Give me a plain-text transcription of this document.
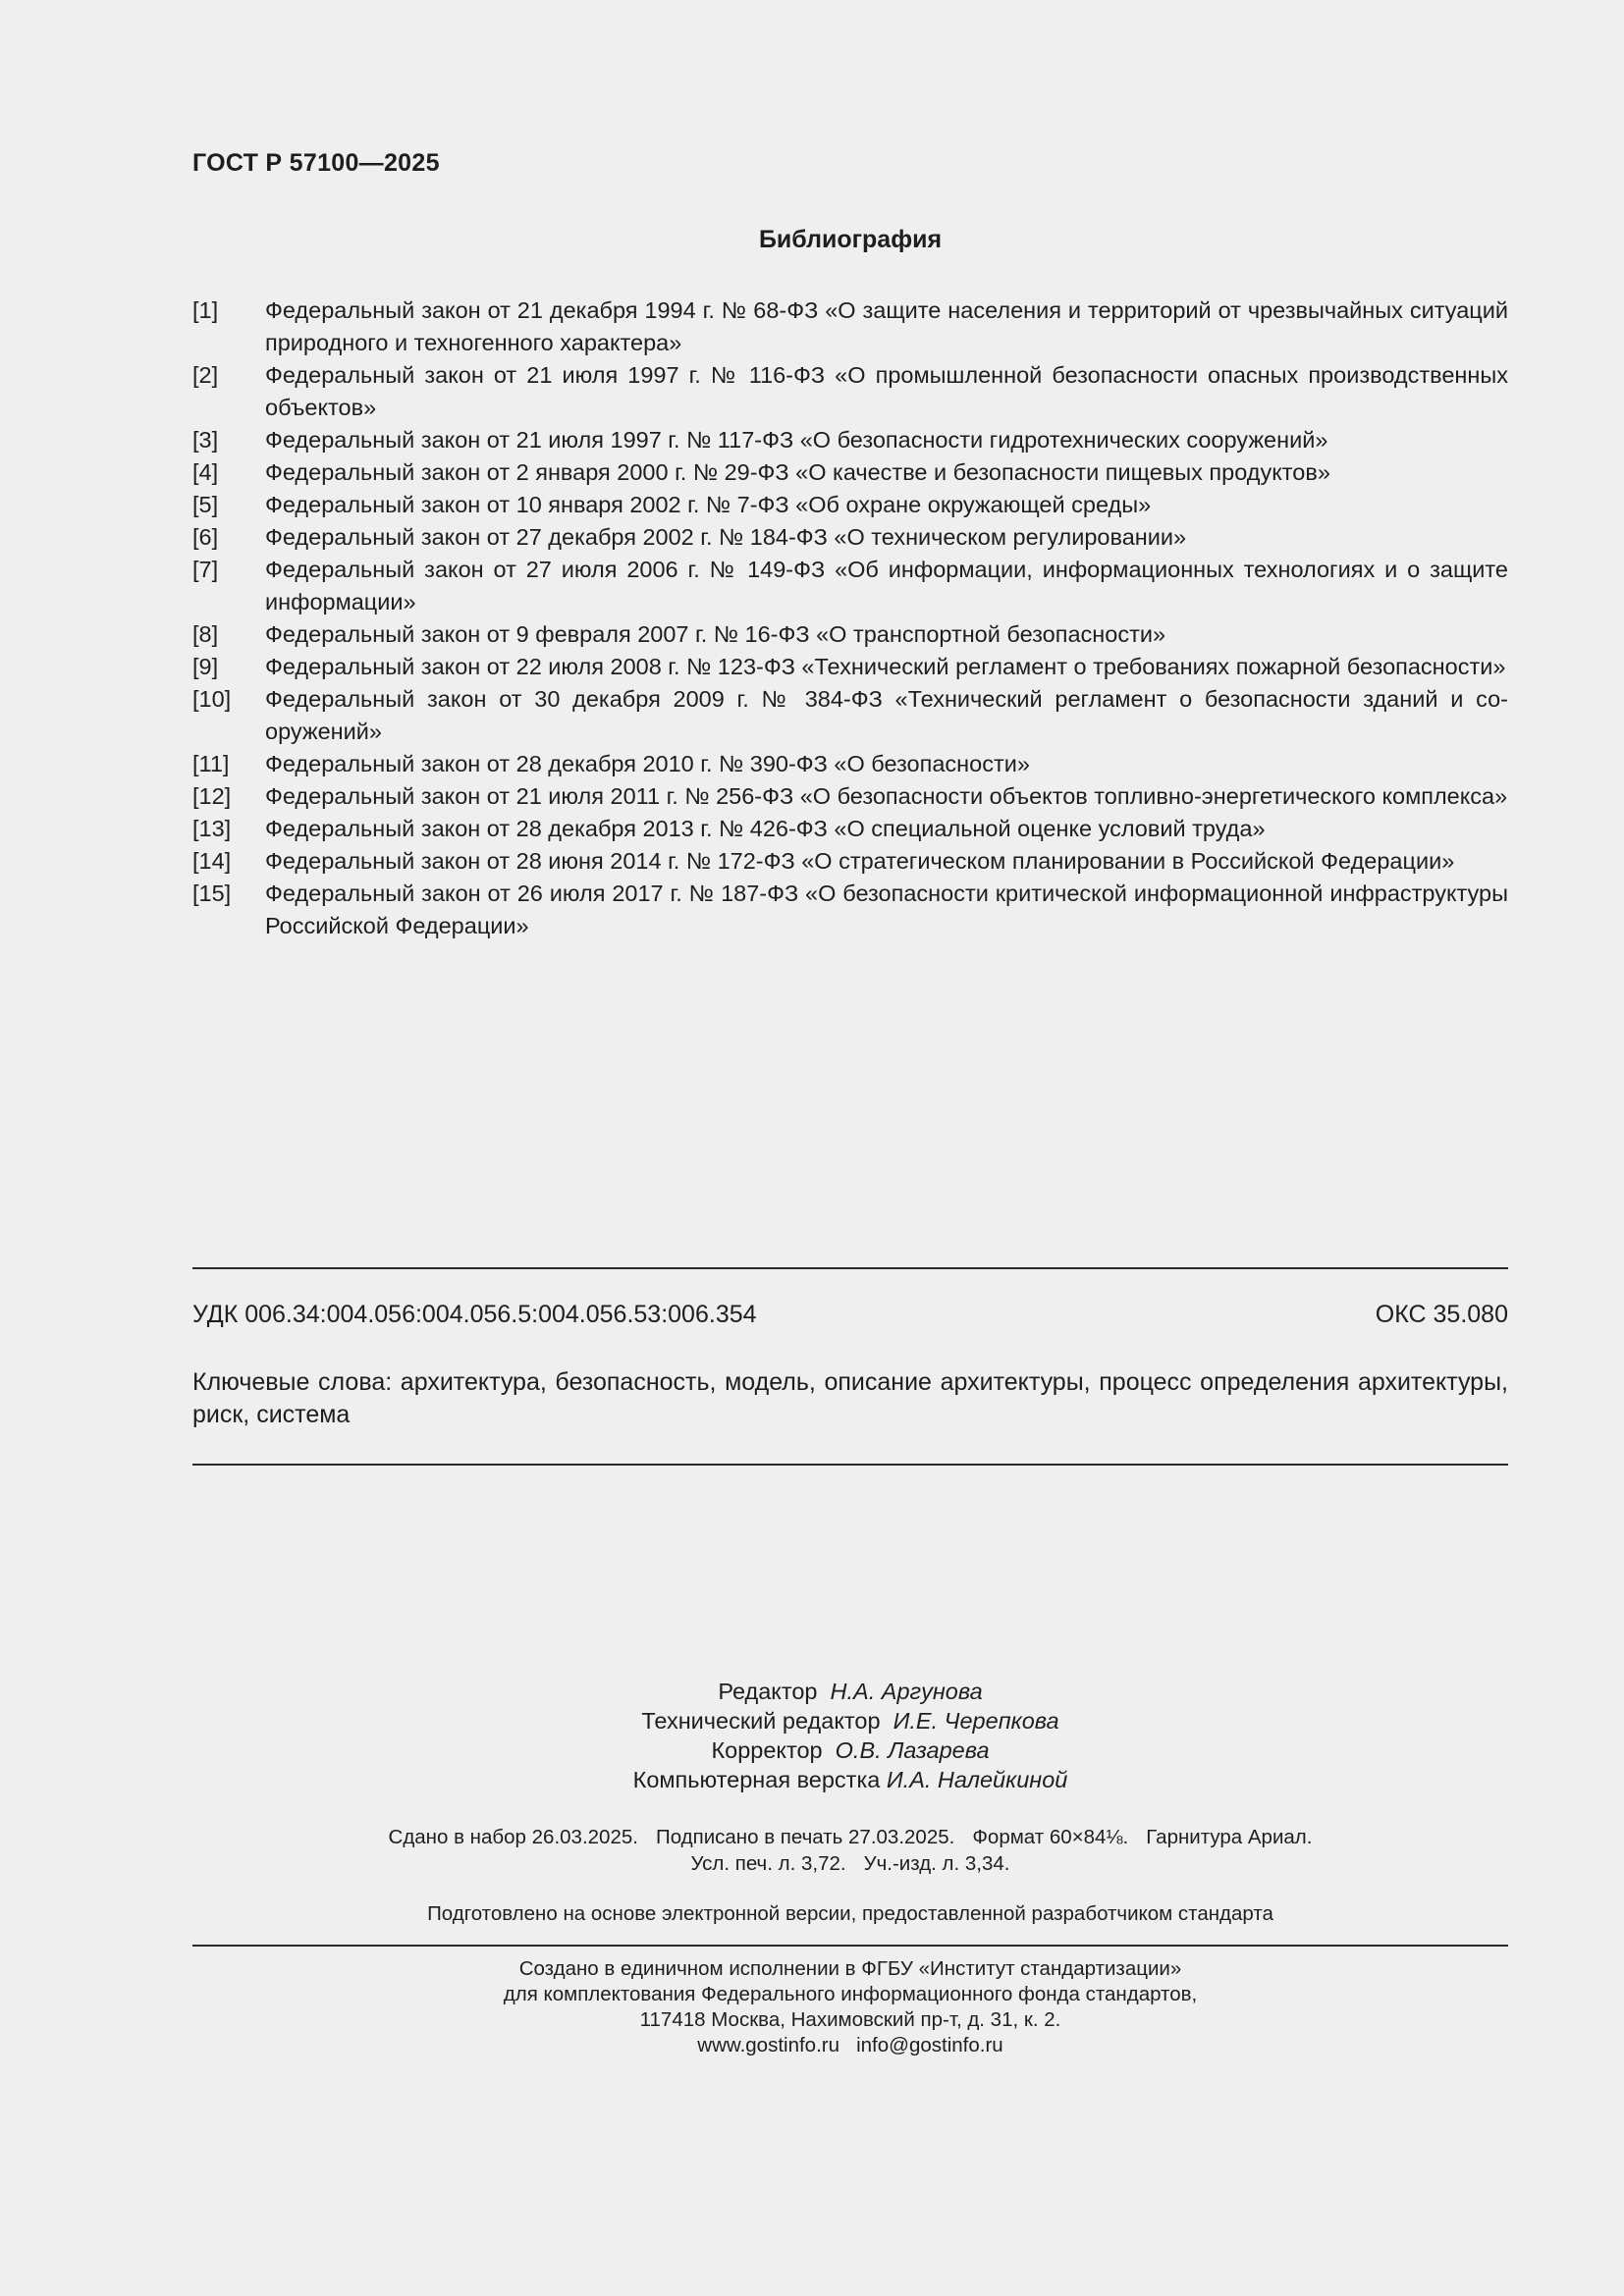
ГОСТ Р 57100—2025
Библиография
[1]	Федеральный закон от 21 декабря 1994 г. № 68-ФЗ «О защите населения и территорий от чрезвычайных ситуаций природного и техногенного характера»
[2]	Федеральный закон от 21 июля 1997 г. № 116-ФЗ «О промышленной безопасности опасных производственных объектов»
[3]	Федеральный закон от 21 июля 1997 г. № 117-ФЗ «О безопасности гидротехнических сооружений»
[4]	Федеральный закон от 2 января 2000 г. № 29-ФЗ «О качестве и безопасности пищевых продуктов»
[5]	Федеральный закон от 10 января 2002 г. № 7-ФЗ «Об охране окружающей среды»
[6]	Федеральный закон от 27 декабря 2002 г. № 184-ФЗ «О техническом регулировании»
[7]	Федеральный закон от 27 июля 2006 г. № 149-ФЗ «Об информации, информационных технологиях и о защите информации»
[8]	Федеральный закон от 9 февраля 2007 г. № 16-ФЗ «О транспортной безопасности»
[9]	Федеральный закон от 22 июля 2008 г. № 123-ФЗ «Технический регламент о требованиях пожарной безопасности»
[10]	Федеральный закон от 30 декабря 2009 г. № 384-ФЗ «Технический регламент о безопасности зданий и сооружений»
[11]	Федеральный закон от 28 декабря 2010 г. № 390-ФЗ «О безопасности»
[12]	Федеральный закон от 21 июля 2011 г. № 256-ФЗ «О безопасности объектов топливно-энергетического комплекса»
[13]	Федеральный закон от 28 декабря 2013 г. № 426-ФЗ «О специальной оценке условий труда»
[14]	Федеральный закон от 28 июня 2014 г. № 172-ФЗ «О стратегическом планировании в Российской Федерации»
[15]	Федеральный закон от 26 июля 2017 г. № 187-ФЗ «О безопасности критической информационной инфраструктуры Российской Федерации»
УДК 006.34:004.056:004.056.5:004.056.53:006.354	ОКС 35.080
Ключевые слова: архитектура, безопасность, модель, описание архитектуры, процесс определения архитектуры, риск, система
Редактор Н.А. Аргунова
Технический редактор И.Е. Черепкова
Корректор О.В. Лазарева
Компьютерная верстка И.А. Налейкиной
Сдано в набор 26.03.2025. Подписано в печать 27.03.2025. Формат 60×84⅛. Гарнитура Ариал.
Усл. печ. л. 3,72. Уч.-изд. л. 3,34.
Подготовлено на основе электронной версии, предоставленной разработчиком стандарта
Создано в единичном исполнении в ФГБУ «Институт стандартизации»
для комплектования Федерального информационного фонда стандартов,
117418 Москва, Нахимовский пр-т, д. 31, к. 2.
www.gostinfo.ru info@gostinfo.ru
